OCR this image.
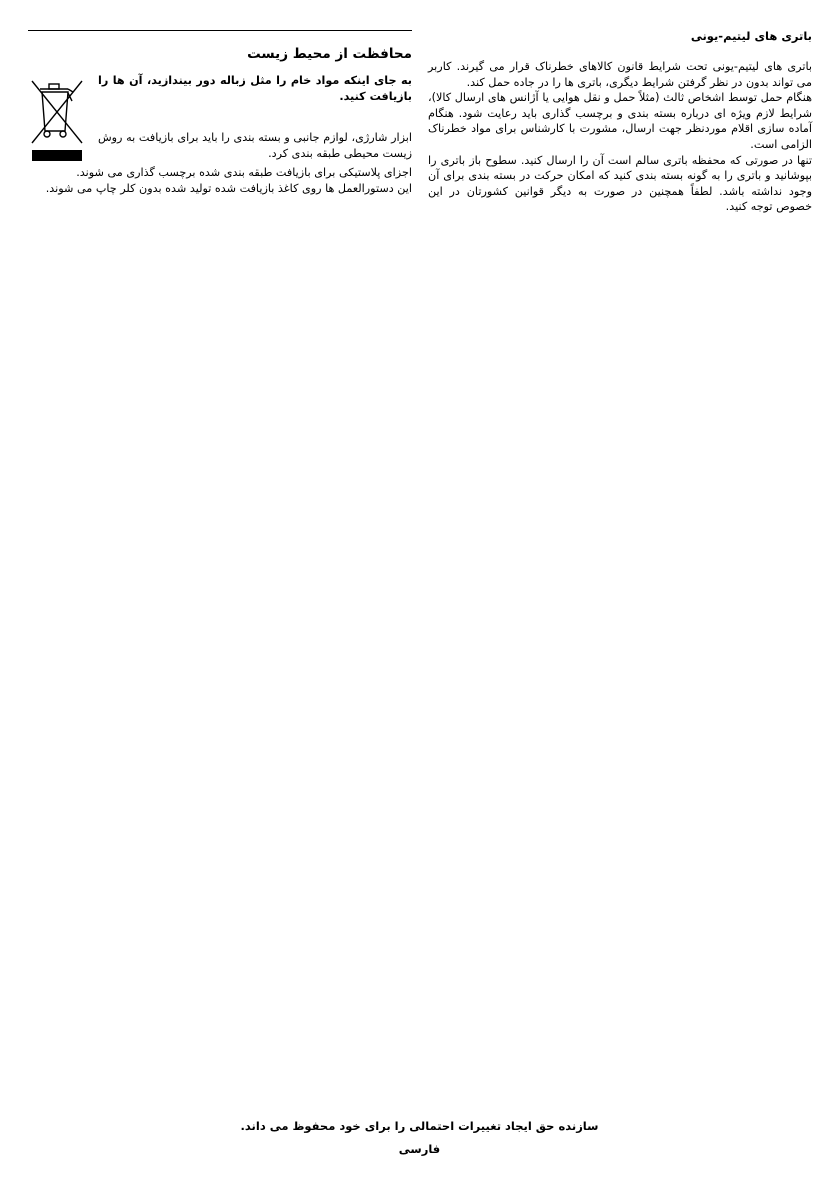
باتری های لیتیم-یونی

باتری های لیتیم-یونی تحت شرایط قانون کالاهای خطرناک قرار می گیرند. کاربر می تواند بدون در نظر گرفتن شرایط دیگری، باتری ها را در جاده حمل کند.

هنگام حمل توسط اشخاص ثالث (مثلاً حمل و نقل هوایی یا آژانس های ارسال کالا)، شرایط لازم ویژه ای درباره بسته بندی و برچسب گذاری باید رعایت شود. هنگام آماده سازی اقلام موردنظر جهت ارسال، مشورت با کارشناس برای مواد خطرناک الزامی است.

تنها در صورتی که محفظه باتری سالم است آن را ارسال کنید. سطوح باز باتری را بپوشانید و باتری را به گونه بسته بندی کنید که امکان حرکت در بسته بندی برای آن وجود نداشته باشد. لطفاً همچنین در صورت به دیگر قوانین کشورتان در این خصوص توجه کنید.

محافظت از محیط زیست

به جای اینکه مواد خام را مثل زباله دور بیندازید، آن ها را بازیافت کنید.

ابزار شارژی، لوازم جانبی و بسته بندی را باید برای بازیافت به روش زیست محیطی طبقه بندی کرد.

اجزای پلاستیکی برای بازیافت طبقه بندی شده برچسب گذاری می شوند.

این دستورالعمل ها روی کاغذ بازیافت شده تولید شده بدون کلر چاپ می شوند.

سازنده حق ایجاد تغییرات احتمالی را برای خود محفوظ می داند.
فارسی
